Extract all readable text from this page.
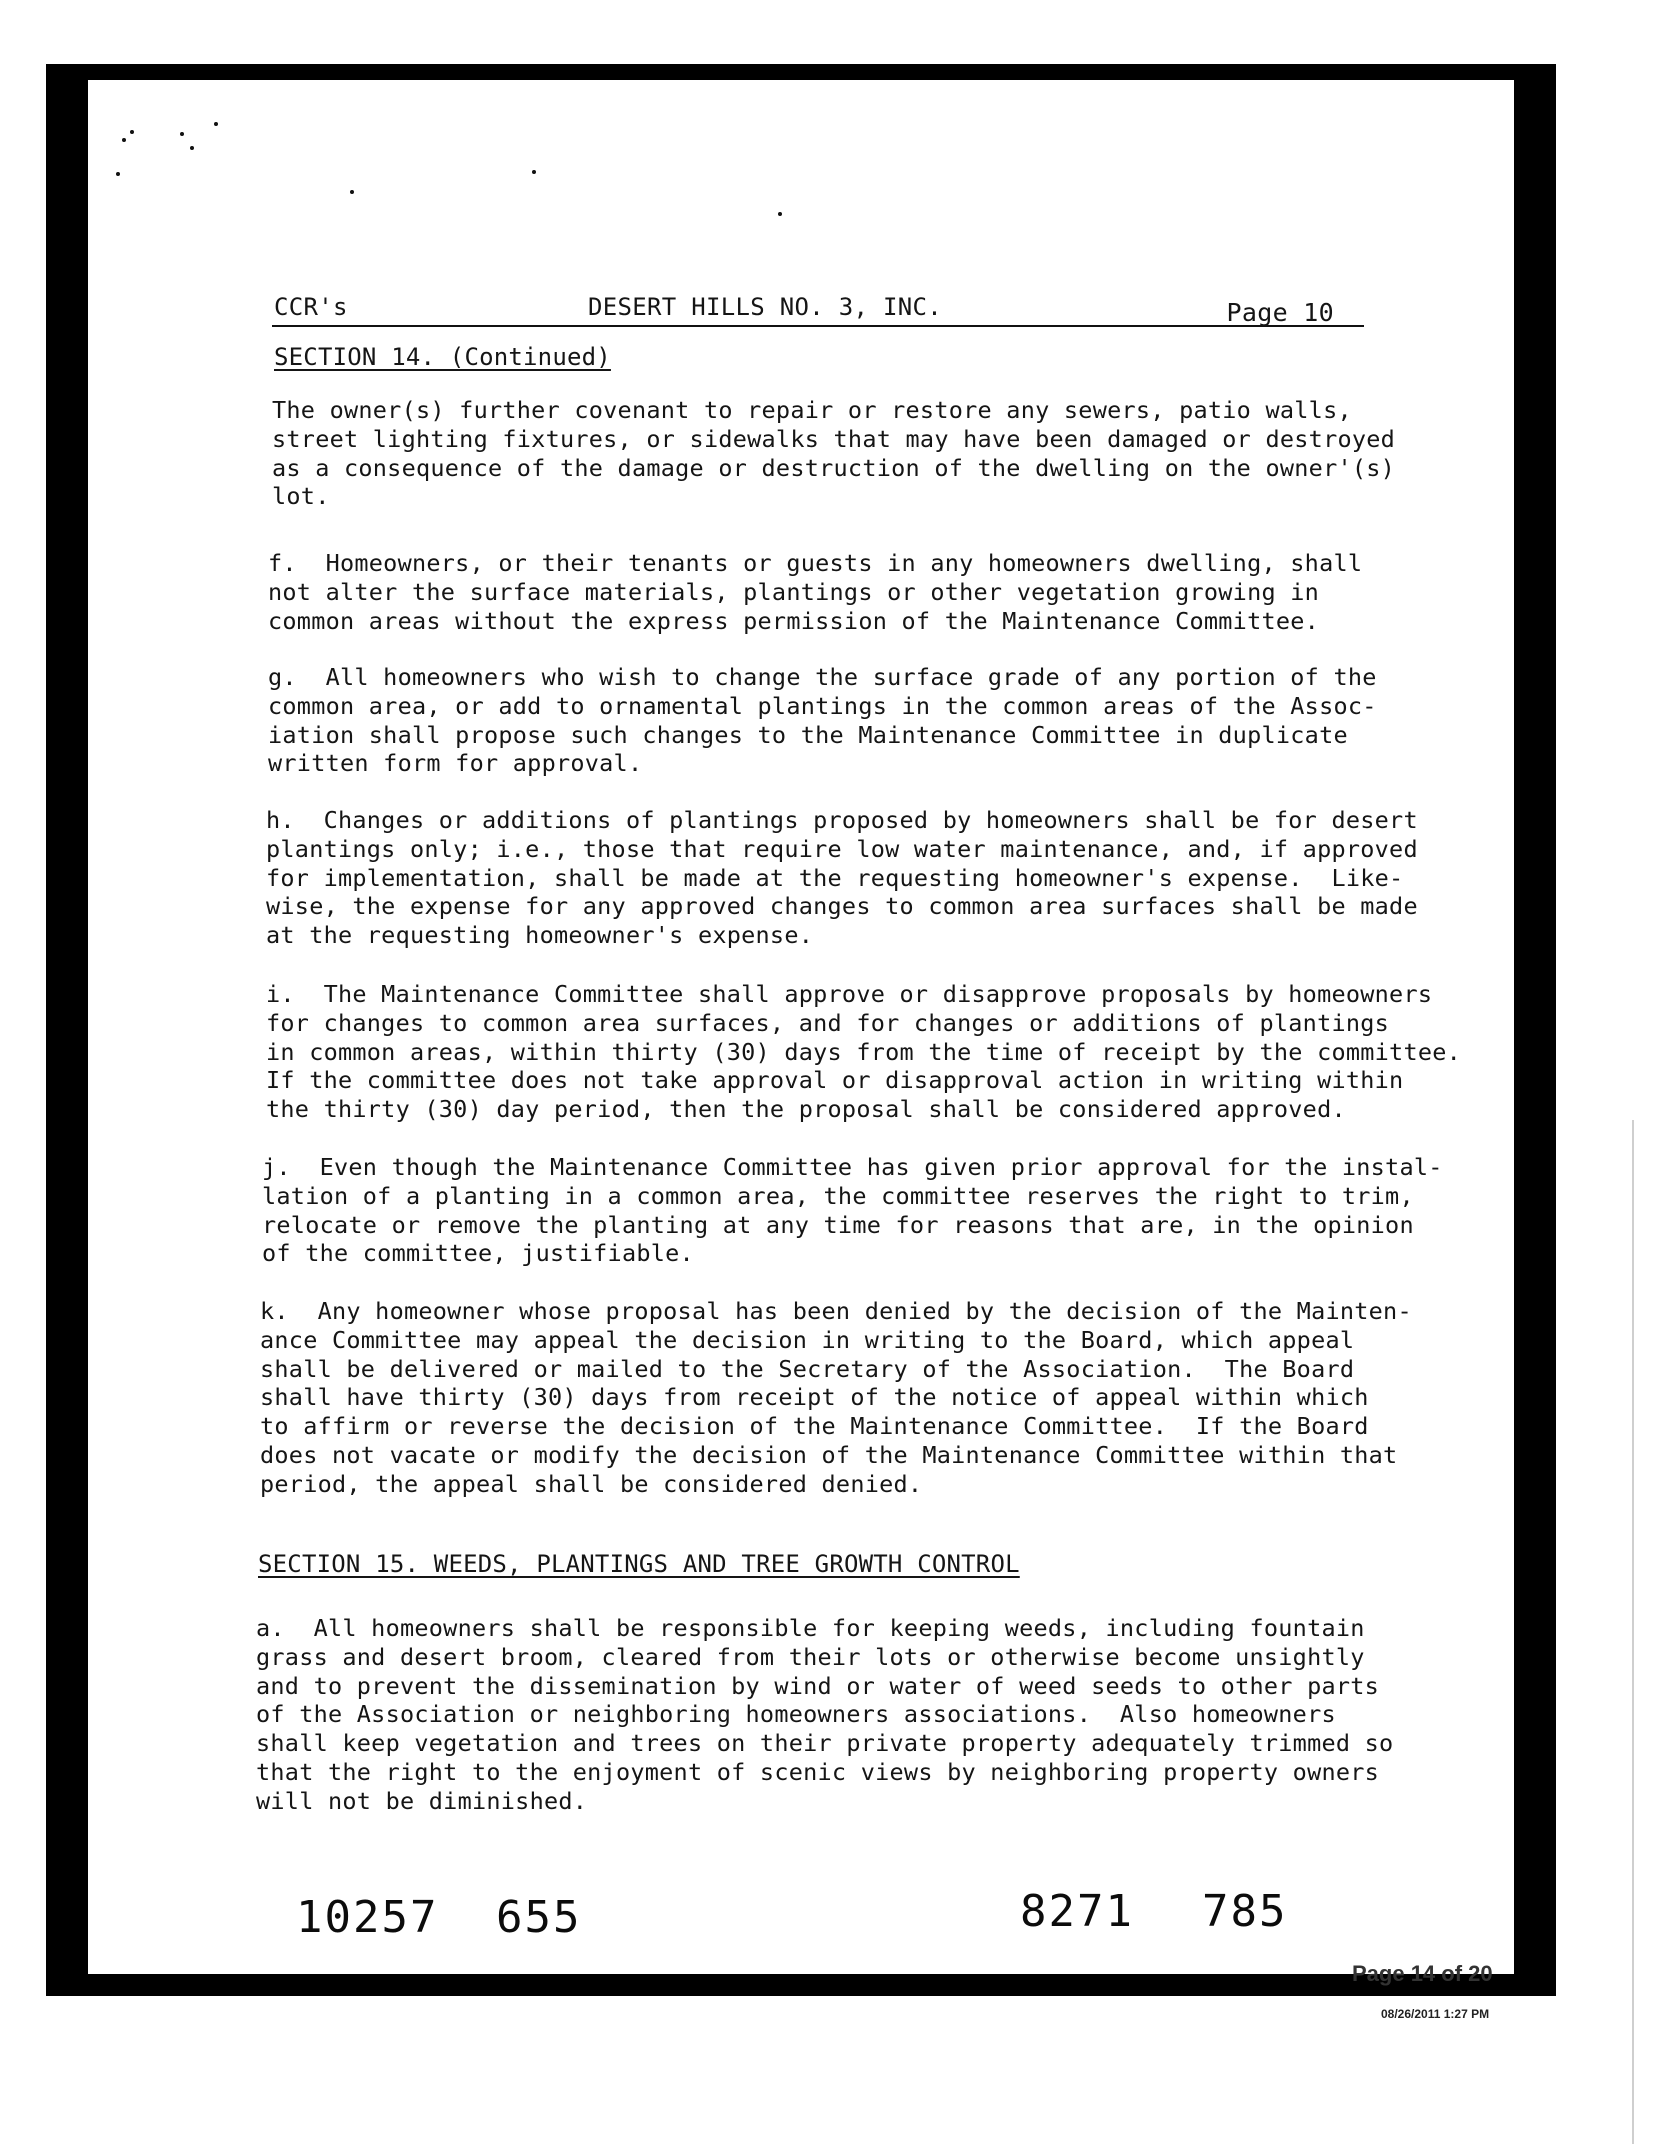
CCR's	DESERT HILLS NO. 3, INC.	Page 10
SECTION 14. (Continued)
The owner(s) further covenant to repair or restore any sewers, patio walls,
street lighting fixtures, or sidewalks that may have been damaged or destroyed
as a consequence of the damage or destruction of the dwelling on the owner'(s)
lot.
f.  Homeowners, or their tenants or guests in any homeowners dwelling, shall
not alter the surface materials, plantings or other vegetation growing in
common areas without the express permission of the Maintenance Committee.
g.  All homeowners who wish to change the surface grade of any portion of the
common area, or add to ornamental plantings in the common areas of the Assoc-
iation shall propose such changes to the Maintenance Committee in duplicate
written form for approval.
h.  Changes or additions of plantings proposed by homeowners shall be for desert
plantings only; i.e., those that require low water maintenance, and, if approved
for implementation, shall be made at the requesting homeowner's expense.  Like-
wise, the expense for any approved changes to common area surfaces shall be made
at the requesting homeowner's expense.
i.  The Maintenance Committee shall approve or disapprove proposals by homeowners
for changes to common area surfaces, and for changes or additions of plantings
in common areas, within thirty (30) days from the time of receipt by the committee.
If the committee does not take approval or disapproval action in writing within
the thirty (30) day period, then the proposal shall be considered approved.
j.  Even though the Maintenance Committee has given prior approval for the instal-
lation of a planting in a common area, the committee reserves the right to trim,
relocate or remove the planting at any time for reasons that are, in the opinion
of the committee, justifiable.
k.  Any homeowner whose proposal has been denied by the decision of the Mainten-
ance Committee may appeal the decision in writing to the Board, which appeal
shall be delivered or mailed to the Secretary of the Association.  The Board
shall have thirty (30) days from receipt of the notice of appeal within which
to affirm or reverse the decision of the Maintenance Committee.  If the Board
does not vacate or modify the decision of the Maintenance Committee within that
period, the appeal shall be considered denied.
SECTION 15. WEEDS, PLANTINGS AND TREE GROWTH CONTROL
a.  All homeowners shall be responsible for keeping weeds, including fountain
grass and desert broom, cleared from their lots or otherwise become unsightly
and to prevent the dissemination by wind or water of weed seeds to other parts
of the Association or neighboring homeowners associations.  Also homeowners
shall keep vegetation and trees on their private property adequately trimmed so
that the right to the enjoyment of scenic views by neighboring property owners
will not be diminished.
10257 655	8271 785
Page 14 of 20
08/26/2011 1:27 PM
